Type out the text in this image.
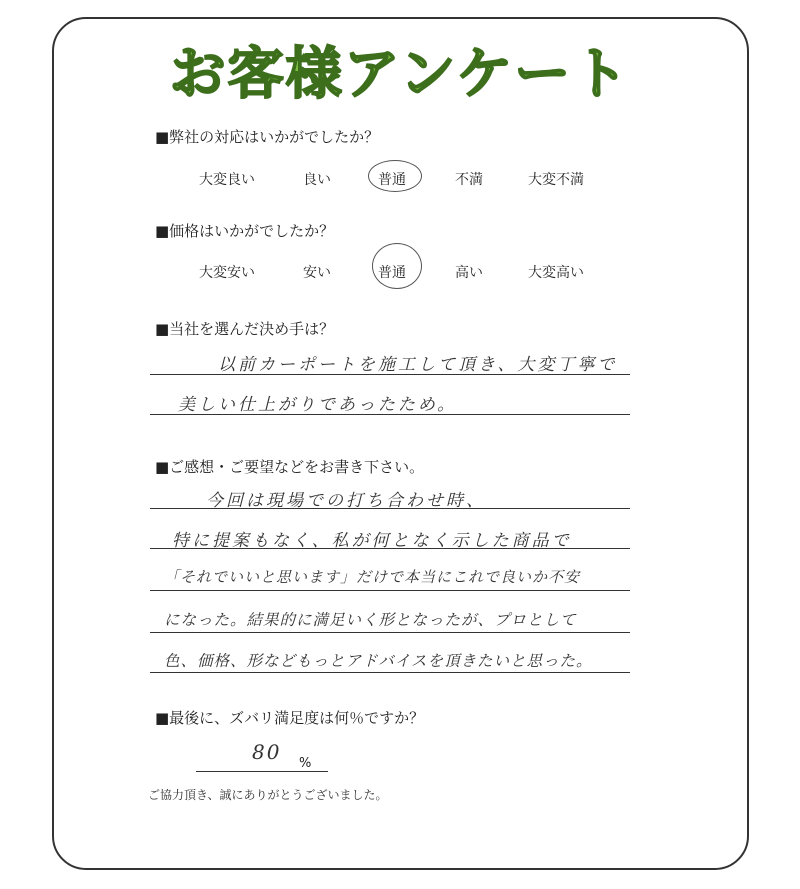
お客様アンケート
■弊社の対応はいかがでしたか？
大変良い	良い	普通	不満	大変不満
■価格はいかがでしたか？
大変安い	安い	普通	高い	大変高い
■当社を選んだ決め手は？
以前カーポートを施工して頂き、大変丁寧で
美しい仕上がりであったため。
■ご感想・ご要望などをお書き下さい。
今回は現場での打ち合わせ時、
特に提案もなく、私が何となく示した商品で
「それでいいと思います」だけで本当にこれで良いか不安
になった。結果的に満足いく形となったが、プロとして
色、価格、形などもっとアドバイスを頂きたいと思った。
■最後に、ズバリ満足度は何％ですか？
80 %
ご協力頂き、誠にありがとうございました。
